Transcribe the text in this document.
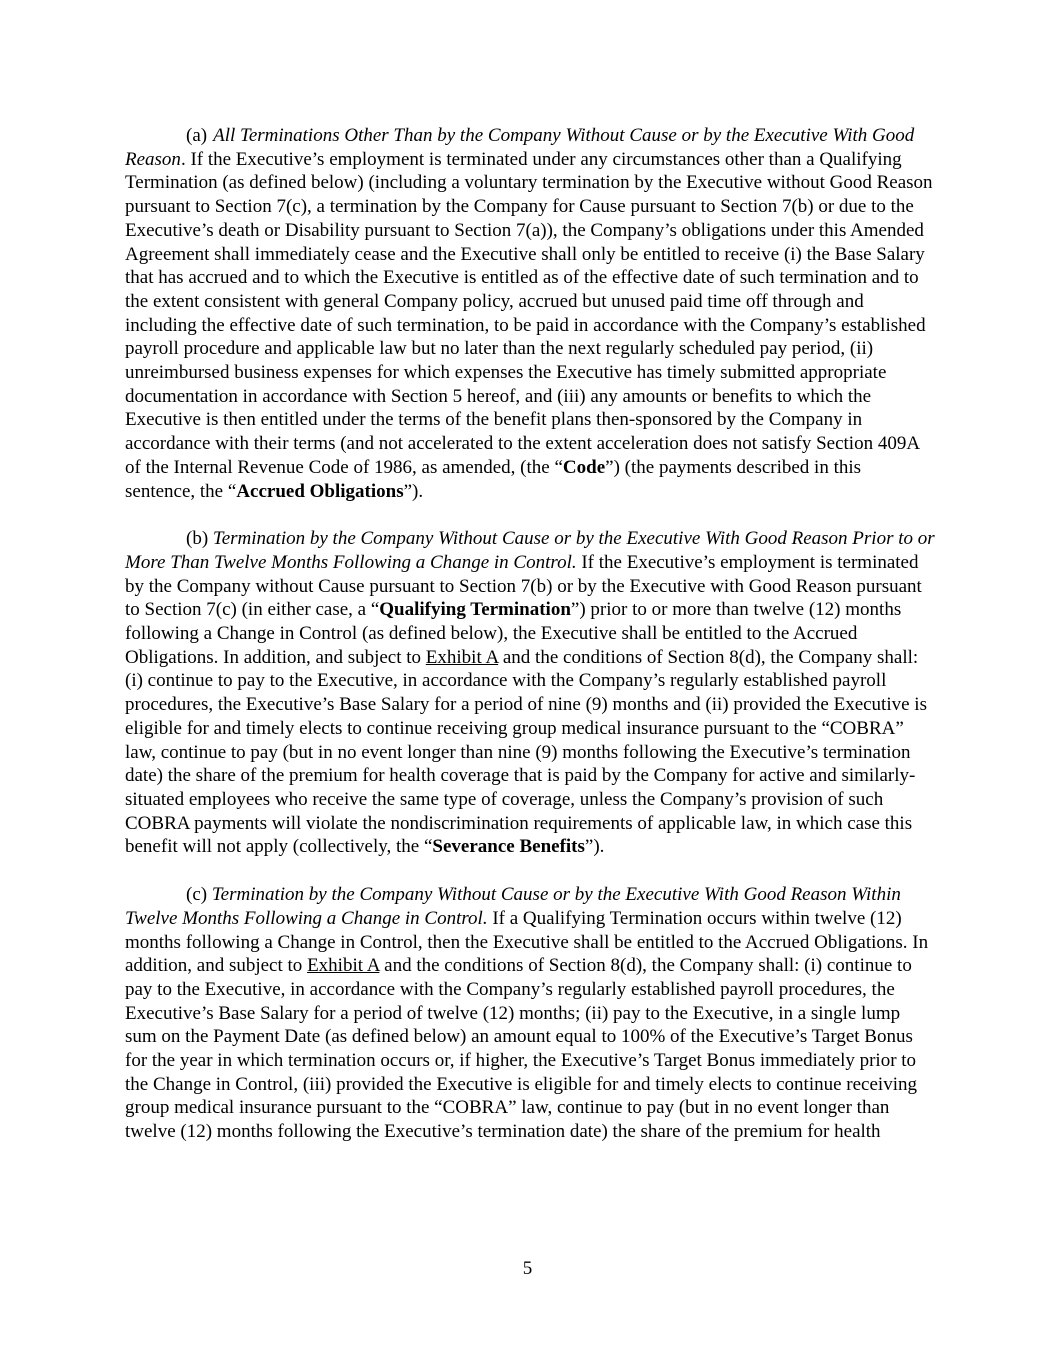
(a) All Terminations Other Than by the Company Without Cause or by the Executive With Good Reason. If the Executive’s employment is terminated under any circumstances other than a Qualifying Termination (as defined below) (including a voluntary termination by the Executive without Good Reason pursuant to Section 7(c), a termination by the Company for Cause pursuant to Section 7(b) or due to the Executive’s death or Disability pursuant to Section 7(a)), the Company’s obligations under this Amended Agreement shall immediately cease and the Executive shall only be entitled to receive (i) the Base Salary that has accrued and to which the Executive is entitled as of the effective date of such termination and to the extent consistent with general Company policy, accrued but unused paid time off through and including the effective date of such termination, to be paid in accordance with the Company’s established payroll procedure and applicable law but no later than the next regularly scheduled pay period, (ii) unreimbursed business expenses for which expenses the Executive has timely submitted appropriate documentation in accordance with Section 5 hereof, and (iii) any amounts or benefits to which the Executive is then entitled under the terms of the benefit plans then-sponsored by the Company in accordance with their terms (and not accelerated to the extent acceleration does not satisfy Section 409A of the Internal Revenue Code of 1986, as amended, (the “Code”) (the payments described in this sentence, the “Accrued Obligations”).

(b) Termination by the Company Without Cause or by the Executive With Good Reason Prior to or More Than Twelve Months Following a Change in Control. If the Executive’s employment is terminated by the Company without Cause pursuant to Section 7(b) or by the Executive with Good Reason pursuant to Section 7(c) (in either case, a “Qualifying Termination”) prior to or more than twelve (12) months following a Change in Control (as defined below), the Executive shall be entitled to the Accrued Obligations. In addition, and subject to Exhibit A and the conditions of Section 8(d), the Company shall: (i) continue to pay to the Executive, in accordance with the Company’s regularly established payroll procedures, the Executive’s Base Salary for a period of nine (9) months and (ii) provided the Executive is eligible for and timely elects to continue receiving group medical insurance pursuant to the “COBRA” law, continue to pay (but in no event longer than nine (9) months following the Executive’s termination date) the share of the premium for health coverage that is paid by the Company for active and similarly-situated employees who receive the same type of coverage, unless the Company’s provision of such COBRA payments will violate the nondiscrimination requirements of applicable law, in which case this benefit will not apply (collectively, the “Severance Benefits”).

(c) Termination by the Company Without Cause or by the Executive With Good Reason Within Twelve Months Following a Change in Control. If a Qualifying Termination occurs within twelve (12) months following a Change in Control, then the Executive shall be entitled to the Accrued Obligations. In addition, and subject to Exhibit A and the conditions of Section 8(d), the Company shall: (i) continue to pay to the Executive, in accordance with the Company’s regularly established payroll procedures, the Executive’s Base Salary for a period of twelve (12) months; (ii) pay to the Executive, in a single lump sum on the Payment Date (as defined below) an amount equal to 100% of the Executive’s Target Bonus for the year in which termination occurs or, if higher, the Executive’s Target Bonus immediately prior to the Change in Control, (iii) provided the Executive is eligible for and timely elects to continue receiving group medical insurance pursuant to the “COBRA” law, continue to pay (but in no event longer than twelve (12) months following the Executive’s termination date) the share of the premium for health

5
